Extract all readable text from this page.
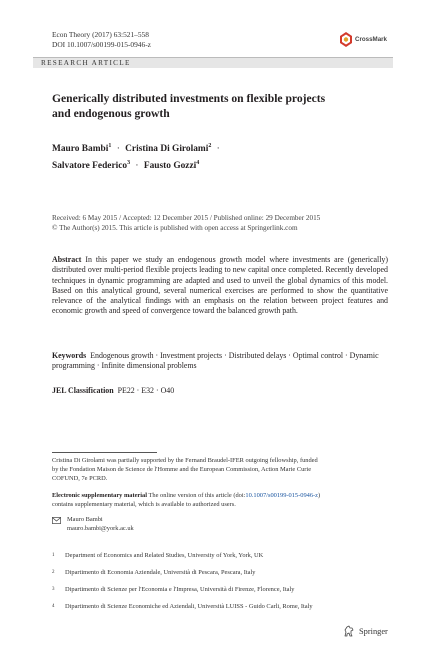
Econ Theory (2017) 63:521–558
DOI 10.1007/s00199-015-0946-z
CrossMark
RESEARCH ARTICLE
Generically distributed investments on flexible projects
and endogenous growth
Mauro Bambi$^1$ · Cristina Di Girolami$^2$ ·
Salvatore Federico$^3$ · Fausto Gozzi$^4$
Received: 6 May 2015 / Accepted: 12 December 2015 / Published online: 29 December 2015
© The Author(s) 2015. This article is published with open access at Springerlink.com
Abstract In this paper we study an endogenous growth model where investments are (generically) distributed over multi-period flexible projects leading to new capital once completed. Recently developed techniques in dynamic programming are adapted and used to unveil the global dynamics of this model. Based on this analytical ground, several numerical exercises are performed to show the quantitative relevance of the analytical findings with an emphasis on the relation between project features and economic growth and speed of convergence toward the balanced growth path.
Keywords Endogenous growth · Investment projects · Distributed delays · Optimal control · Dynamic programming · Infinite dimensional problems
JEL Classification PE22 · E32 · O40
Cristina Di Girolami was partially supported by the Fernand Braudel-IFER outgoing fellowship, funded
by the Fondation Maison de Science de l'Homme and the European Commission, Action Marie Curie
COFUND, 7e PCRD.
Electronic supplementary material The online version of this article (doi:10.1007/s00199-015-0946-z)
contains supplementary material, which is available to authorized users.
Mauro Bambi
mauro.bambi@york.ac.uk
1	Department of Economics and Related Studies, University of York, York, UK
2	Dipartimento di Economia Aziendale, Università di Pescara, Pescara, Italy
3	Dipartimento di Scienze per l'Economia e l'Impresa, Università di Firenze, Florence, Italy
4	Dipartimento di Scienze Economiche ed Aziendali, Università LUISS - Guido Carli, Rome, Italy
Springer
